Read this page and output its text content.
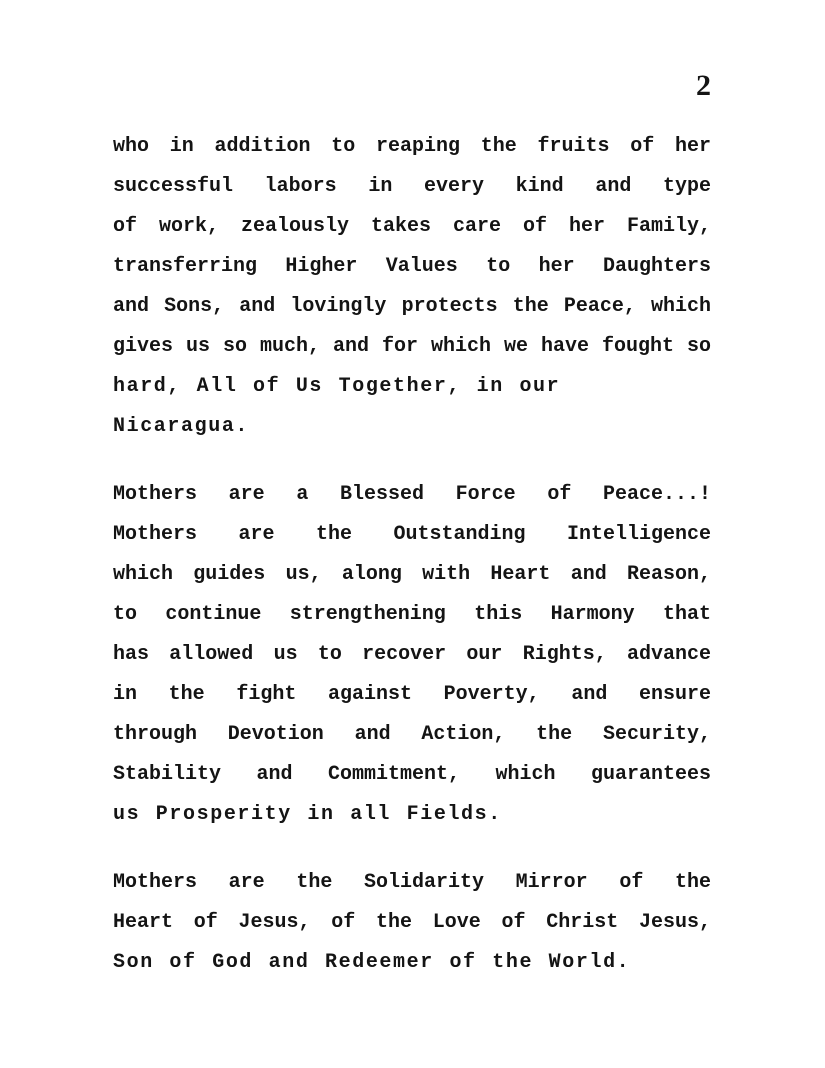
2

who in addition to reaping the fruits of her
successful labors in every kind and type
of work, zealously takes care of her Family,
transferring Higher Values to her Daughters
and Sons, and lovingly protects the Peace, which
gives us so much, and for which we have fought so
hard, All of Us Together, in our Nicaragua.

Mothers are a Blessed Force of Peace...!
Mothers are the Outstanding Intelligence
which guides us, along with Heart and Reason,
to continue strengthening this Harmony that
has allowed us to recover our Rights, advance
in the fight against Poverty, and ensure
through Devotion and Action, the Security,
Stability and Commitment, which guarantees
us Prosperity in all Fields.

Mothers are the Solidarity Mirror of the
Heart of Jesus, of the Love of Christ Jesus,
Son of God and Redeemer of the World.
